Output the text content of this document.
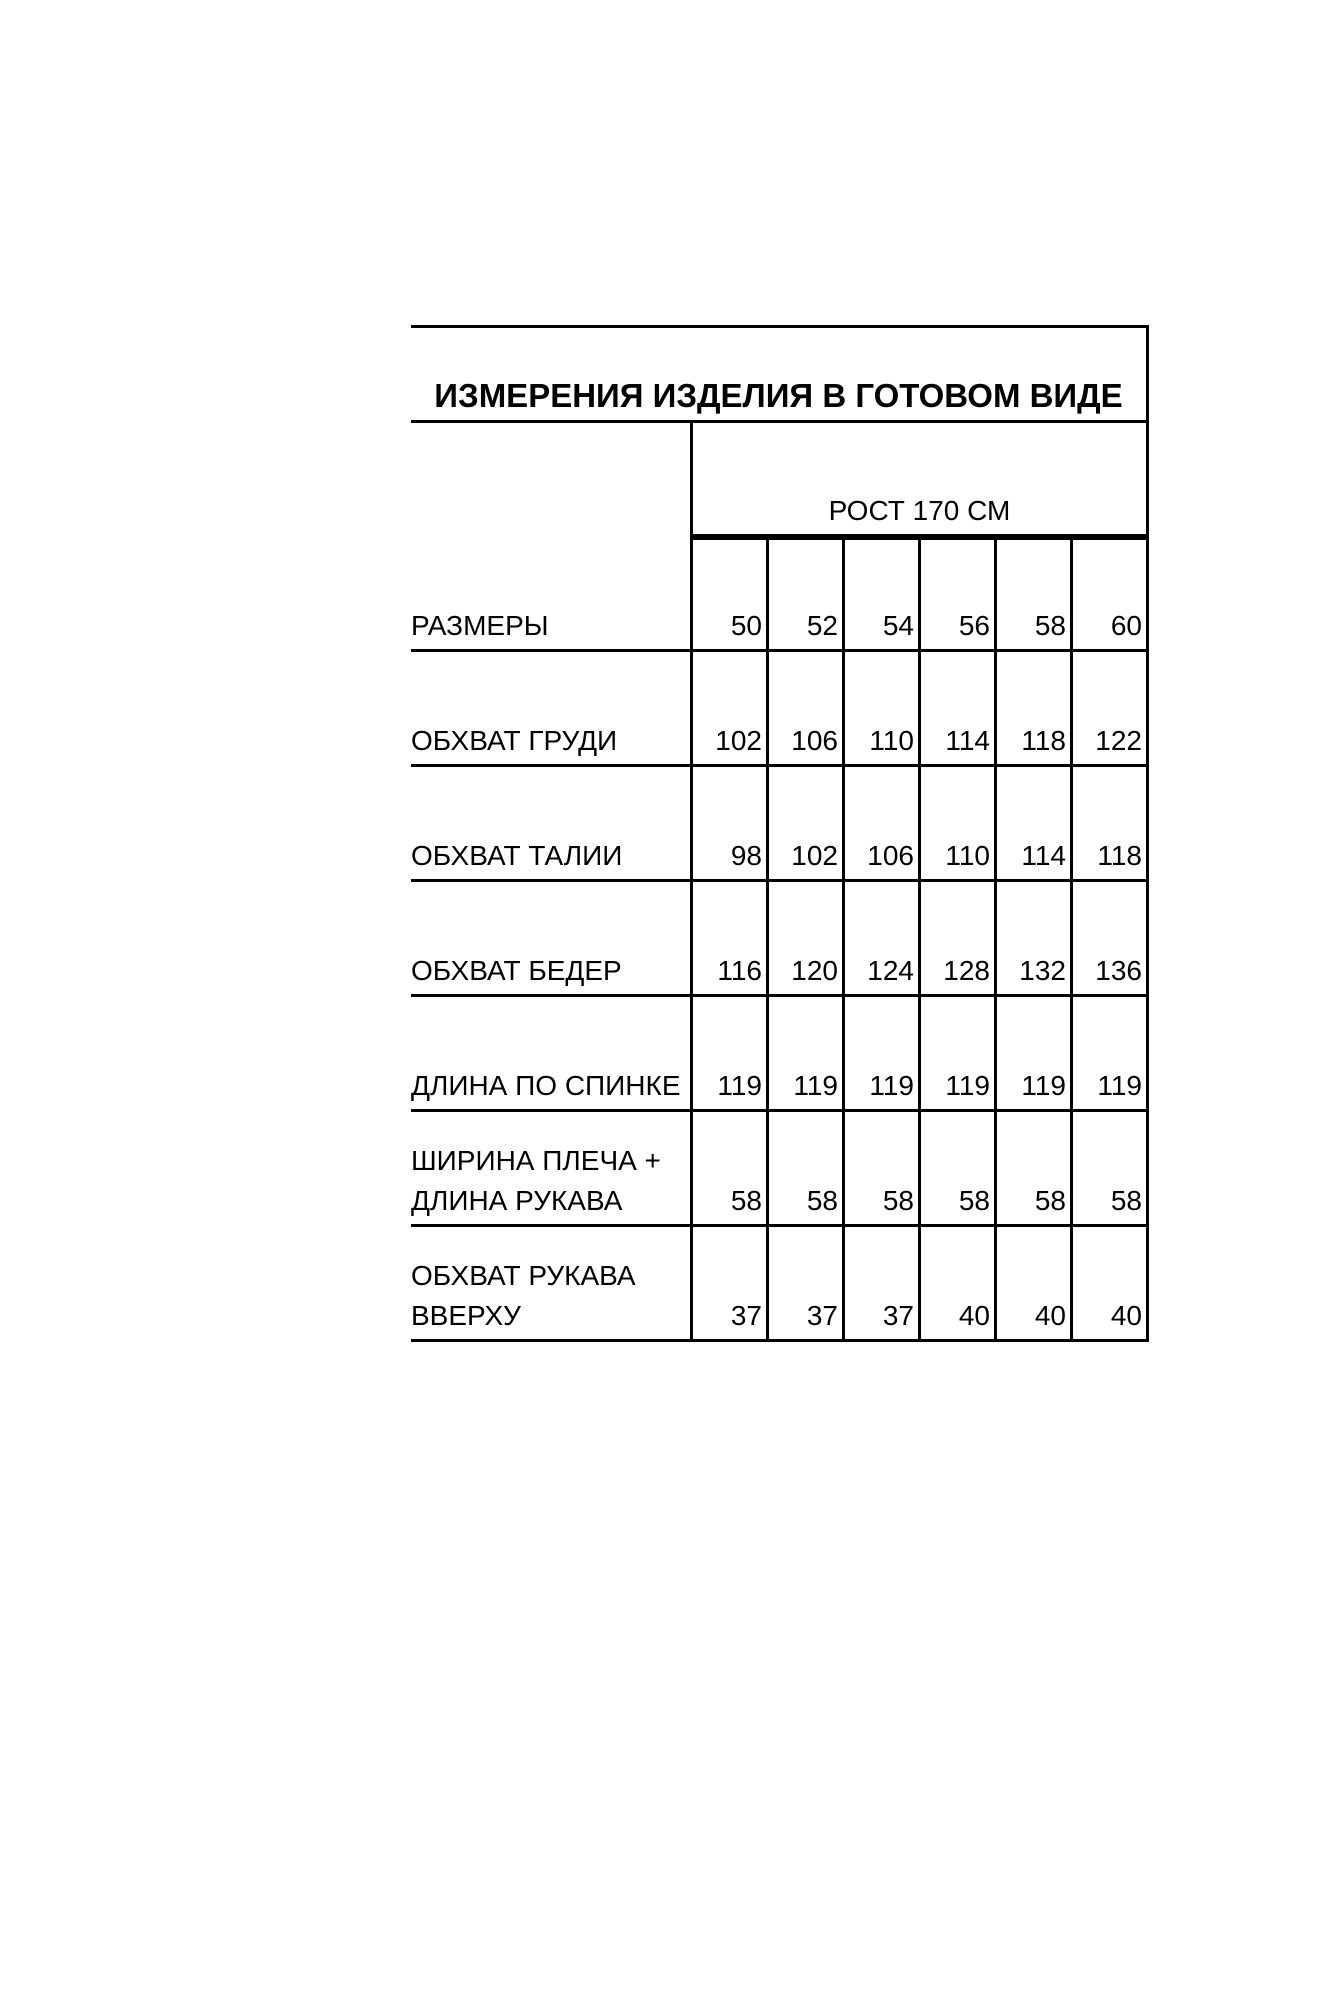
ИЗМЕРЕНИЯ ИЗДЕЛИЯ В ГОТОВОМ ВИДЕ
РОСТ 170 СМ
РАЗМЕРЫ	50	52	54	56	58	60
ОБХВАТ ГРУДИ	102	106	110	114	118	122
ОБХВАТ ТАЛИИ	98	102	106	110	114	118
ОБХВАТ БЕДЕР	116	120	124	128	132	136
ДЛИНА ПО СПИНКЕ	119	119	119	119	119	119
ШИРИНА ПЛЕЧА +
ДЛИНА РУКАВА	58	58	58	58	58	58
ОБХВАТ РУКАВА
ВВЕРХУ	37	37	37	40	40	40
